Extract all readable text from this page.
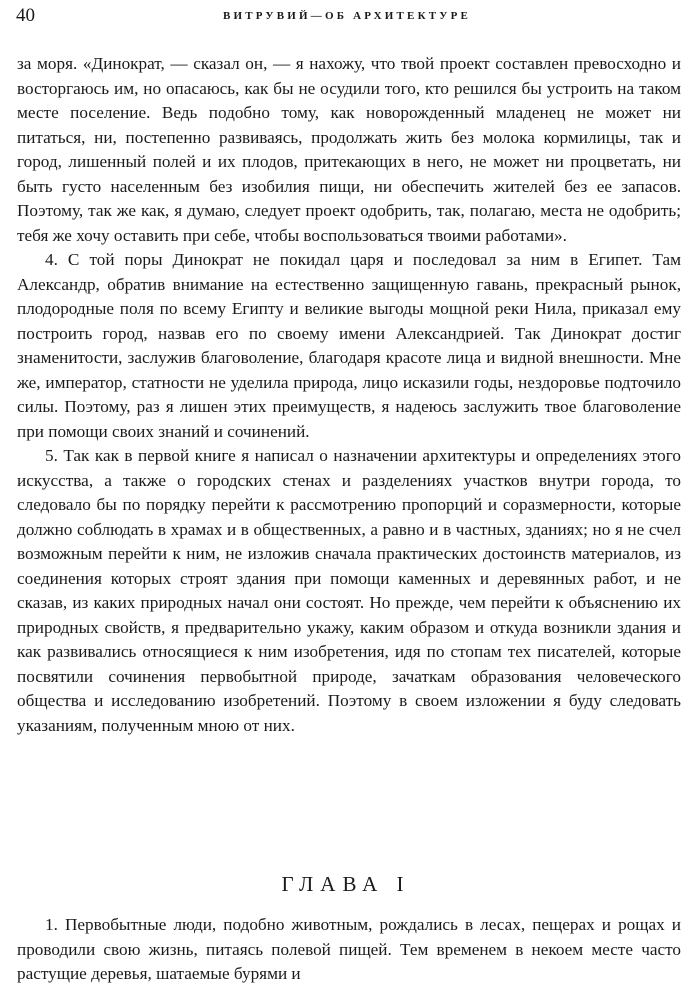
40	ВИТРУВИЙ—ОБ АРХИТЕКТУРЕ

за моря. «Динократ, — сказал он, — я нахожу, что твой проект составлен превосходно и восторгаюсь им, но опасаюсь, как бы не осудили того, кто решился бы устроить на таком месте поселение. Ведь подобно тому, как новорожденный младенец не может ни питаться, ни, постепенно развиваясь, продолжать жить без молока кормилицы, так и город, лишенный полей и их плодов, притекающих в него, не может ни процветать, ни быть густо населенным без изобилия пищи, ни обеспечить жителей без ее запасов. Поэтому, так же как, я думаю, следует проект одобрить, так, полагаю, места не одобрить; тебя же хочу оставить при себе, чтобы воспользоваться твоими работами».

4. С той поры Динократ не покидал царя и последовал за ним в Египет. Там Александр, обратив внимание на естественно защищенную гавань, прекрасный рынок, плодородные поля по всему Египту и великие выгоды мощной реки Нила, приказал ему построить город, назвав его по своему имени Александрией. Так Динократ достиг знаменитости, заслужив благоволение, благодаря красоте лица и видной внешности. Мне же, император, статности не уделила природа, лицо исказили годы, нездоровье подточило силы. Поэтому, раз я лишен этих преимуществ, я надеюсь заслужить твое благоволение при помощи своих знаний и сочинений.

5. Так как в первой книге я написал о назначении архитектуры и определениях этого искусства, а также о городских стенах и разделениях участков внутри города, то следовало бы по порядку перейти к рассмотрению пропорций и соразмерности, которые должно соблюдать в храмах и в общественных, а равно и в частных, зданиях; но я не счел возможным перейти к ним, не изложив сначала практических достоинств материалов, из соединения которых строят здания при помощи каменных и деревянных работ, и не сказав, из каких природных начал они состоят. Но прежде, чем перейти к объяснению их природных свойств, я предварительно укажу, каким образом и откуда возникли здания и как развивались относящиеся к ним изобретения, идя по стопам тех писателей, которые посвятили сочинения первобытной природе, зачаткам образования человеческого общества и исследованию изобретений. Поэтому в своем изложении я буду следовать указаниям, полученным мною от них.

ГЛАВА I

1. Первобытные люди, подобно животным, рождались в лесах, пещерах и рощах и проводили свою жизнь, питаясь полевой пищей. Тем временем в некоем месте часто растущие деревья, шатаемые бурями и
